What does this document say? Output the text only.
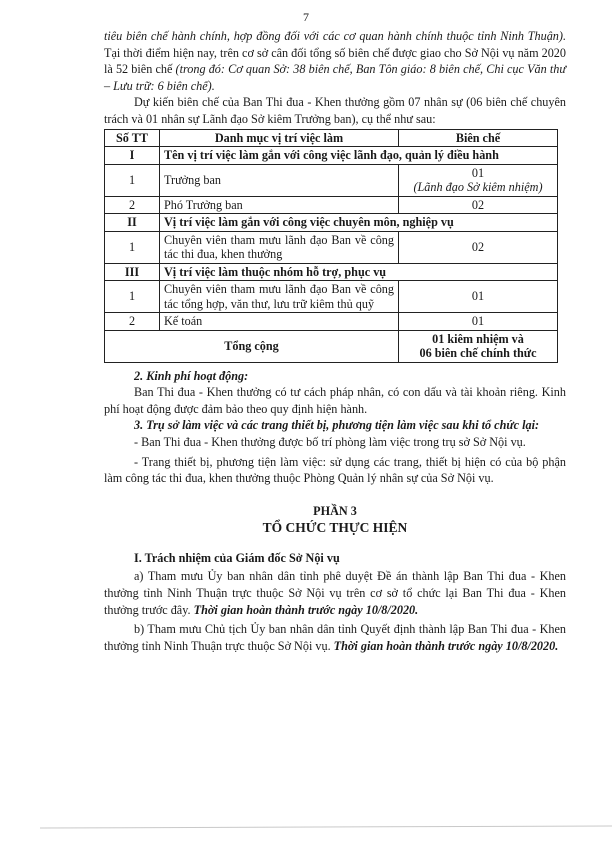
7

tiêu biên chế hành chính, hợp đồng đối với các cơ quan hành chính thuộc tỉnh Ninh Thuận). Tại thời điểm hiện nay, trên cơ sở cân đối tổng số biên chế được giao cho Sở Nội vụ năm 2020 là 52 biên chế (trong đó: Cơ quan Sở: 38 biên chế, Ban Tôn giáo: 8 biên chế, Chi cục Văn thư – Lưu trữ: 6 biên chế).

Dự kiến biên chế của Ban Thi đua - Khen thưởng gồm 07 nhân sự (06 biên chế chuyên trách và 01 nhân sự Lãnh đạo Sở kiêm Trưởng ban), cụ thể như sau:

Số TT	Danh mục vị trí việc làm	Biên chế
I	Tên vị trí việc làm gắn với công việc lãnh đạo, quản lý điều hành	
1	Trưởng ban	01
(Lãnh đạo Sở kiêm nhiệm)

2	Phó Trưởng ban	02
II	Vị trí việc làm gắn với công việc chuyên môn, nghiệp vụ	
1	Chuyên viên tham mưu lãnh đạo Ban về công tác thi đua, khen thưởng	02
III	Vị trí việc làm thuộc nhóm hỗ trợ, phục vụ	
1	Chuyên viên tham mưu lãnh đạo Ban về công tác tổng hợp, văn thư, lưu trữ kiêm thủ quỹ	01
2	Kế toán	01
Tổng cộng		01 kiêm nhiệm và
06 biên chế chính thức

2. Kinh phí hoạt động:

Ban Thi đua - Khen thưởng có tư cách pháp nhân, có con dấu và tài khoản riêng. Kinh phí hoạt động được đảm bảo theo quy định hiện hành.

3. Trụ sở làm việc và các trang thiết bị, phương tiện làm việc sau khi tổ chức lại:

- Ban Thi đua - Khen thưởng được bố trí phòng làm việc trong trụ sở Sở Nội vụ.

- Trang thiết bị, phương tiện làm việc: sử dụng các trang, thiết bị hiện có của bộ phận làm công tác thi đua, khen thưởng thuộc Phòng Quản lý nhân sự của Sở Nội vụ.

PHẦN 3
TỔ CHỨC THỰC HIỆN

I. Trách nhiệm của Giám đốc Sở Nội vụ

a) Tham mưu Ủy ban nhân dân tỉnh phê duyệt Đề án thành lập Ban Thi đua - Khen thưởng tỉnh Ninh Thuận trực thuộc Sở Nội vụ trên cơ sở tổ chức lại Ban Thi đua - Khen thưởng trước đây. Thời gian hoàn thành trước ngày 10/8/2020.

b) Tham mưu Chủ tịch Ủy ban nhân dân tỉnh Quyết định thành lập Ban Thi đua - Khen thưởng tỉnh Ninh Thuận trực thuộc Sở Nội vụ. Thời gian hoàn thành trước ngày 10/8/2020.
